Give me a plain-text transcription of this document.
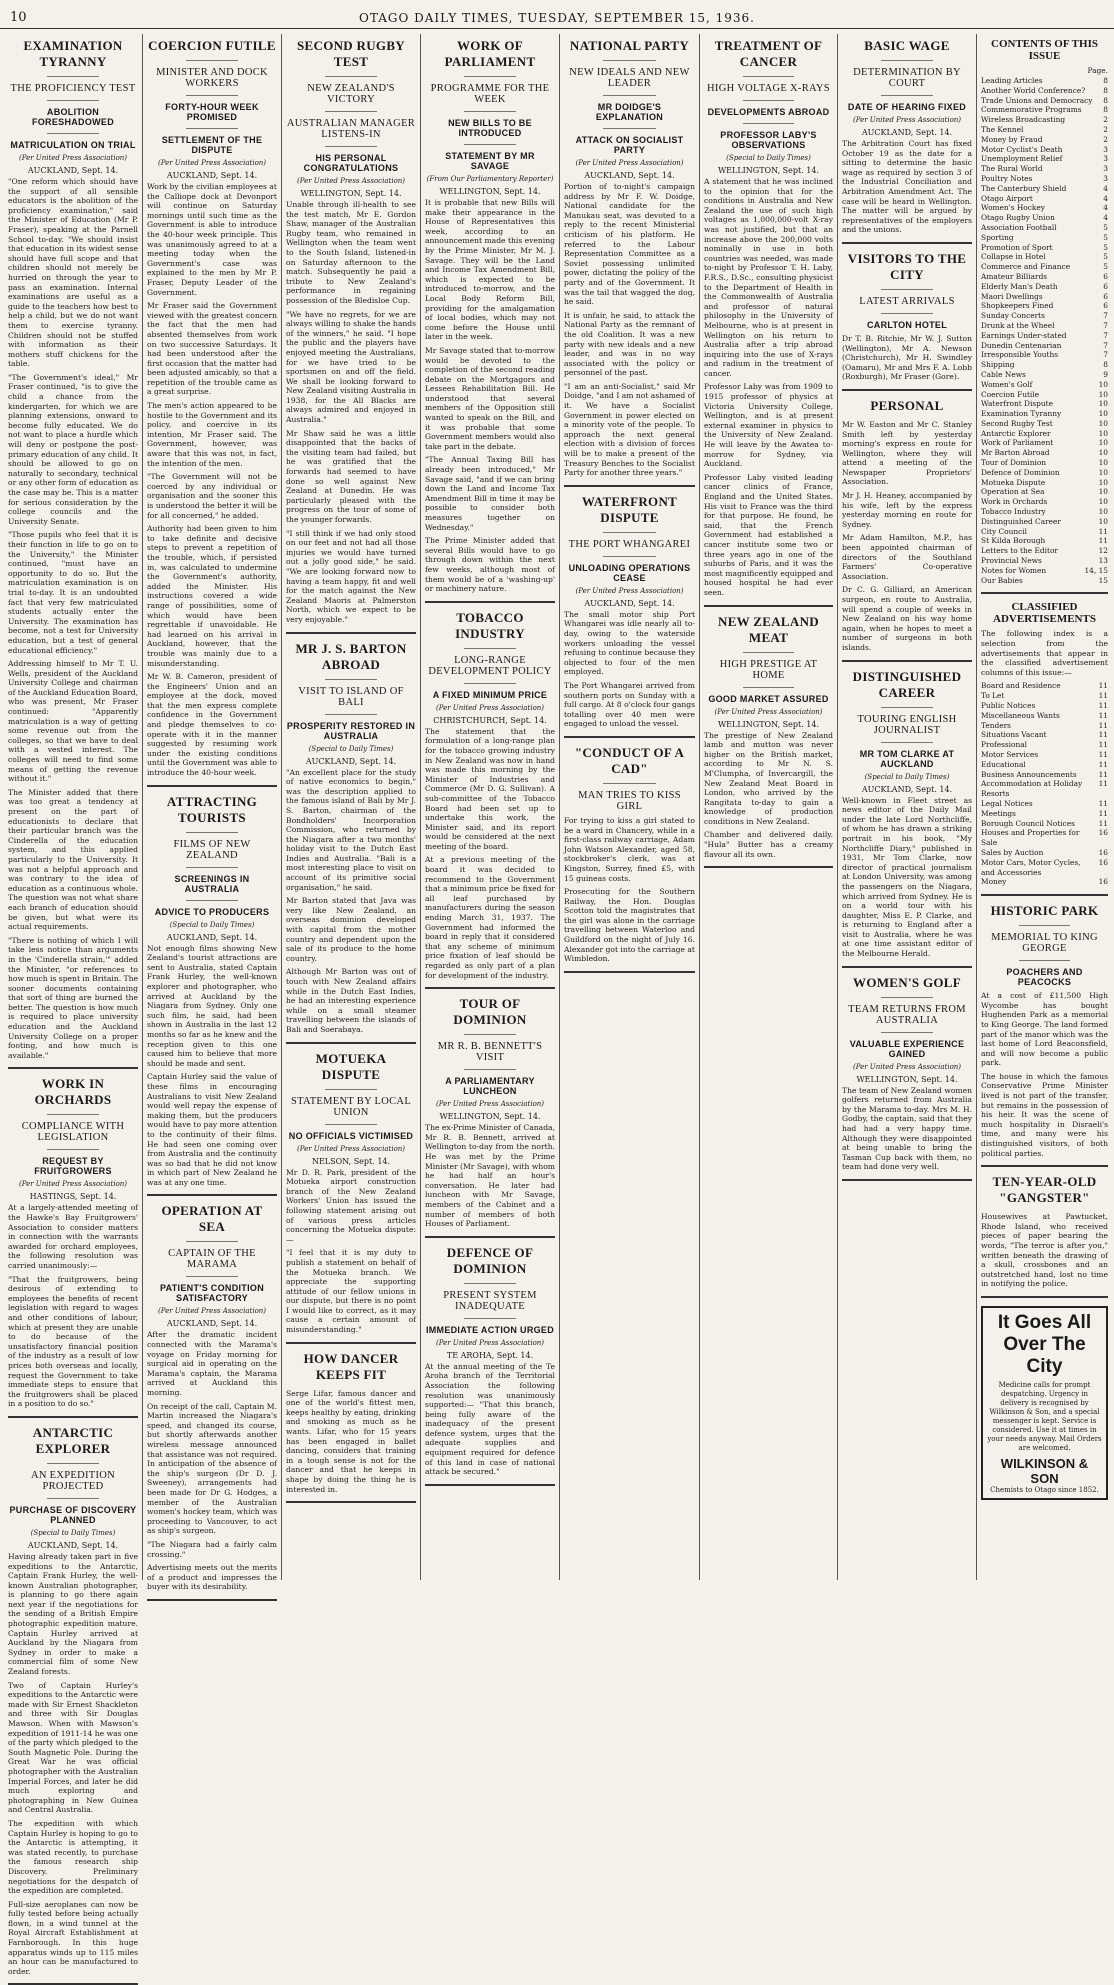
10	OTAGO DAILY TIMES, TUESDAY, SEPTEMBER 15, 1936.
EXAMINATION TYRANNY
THE PROFICIENCY TEST
ABOLITION FORESHADOWED
MATRICULATION ON TRIAL
(Per United Press Association)
AUCKLAND, Sept. 14.

"One reform which should have the support of all sensible educators is the abolition of the proficiency examination," said the Minister of Education (Mr P. Fraser), speaking at the Parnell School to-day. "We should insist that education in its widest sense should have full scope and that children should not merely be hurried on through the year to pass an examination. Internal examinations are useful as a guide to the teachers how best to help a child, but we do not want them to exercise tyranny. Children should not be stuffed with information as their mothers stuff chickens for the table.

"The Government's ideal," Mr Fraser continued, "is to give the child a chance from the kindergarten, for which we are planning extensions, onward to become fully educated. We do not want to place a hurdle which will deny or postpone the post-primary education of any child. It should be allowed to go on naturally to secondary, technical or any other form of education as the case may be. This is a matter for serious consideration by the college councils and the University Senate.

"Those pupils who feel that it is their function in life to go on to the University," the Minister continued, "must have an opportunity to do so. But the matriculation examination is on trial to-day. It is an undoubted fact that very few matriculated students actually enter the University. The examination has become, not a test for University education, but a test of general educational efficiency."

Addressing himself to Mr T. U. Wells, president of the Auckland University College and chairman of the Auckland Education Board, who was present, Mr Fraser continued: "Apparently matriculation is a way of getting some revenue out from the colleges, so that we have to deal with a vested interest. The colleges will need to find some means of getting the revenue without it."

The Minister added that there was too great a tendency at present on the part of educationists to declare that their particular branch was the Cinderella of the education system, and this applied particularly to the University. It was not a helpful approach and was contrary to the idea of education as a continuous whole. The question was not what share each branch of education should be given, but what were its actual requirements.

"There is nothing of which I will take less notice than arguments in the 'Cinderella strain,'" added the Minister, "or references to how much is spent in Britain. The sooner documents containing that sort of thing are burned the better. The question is how much is required to place university education and the Auckland University College on a proper footing, and how much is available."

WORK IN ORCHARDS
COMPLIANCE WITH LEGISLATION
REQUEST BY FRUITGROWERS
(Per United Press Association)
HASTINGS, Sept. 14.

At a largely-attended meeting of the Hawke's Bay Fruitgrowers' Association to consider matters in connection with the warrants awarded for orchard employees, the following resolution was carried unanimously:—

"That the fruitgrowers, being desirous of extending to employees the benefits of recent legislation with regard to wages and other conditions of labour, which at present they are unable to do because of the unsatisfactory financial position of the industry as a result of low prices both overseas and locally, request the Government to take immediate steps to ensure that the fruitgrowers shall be placed in a position to do so."

ANTARCTIC EXPLORER
AN EXPEDITION PROJECTED
PURCHASE OF DISCOVERY PLANNED
(Special to Daily Times)
AUCKLAND, Sept. 14.

Having already taken part in five expeditions to the Antarctic, Captain Frank Hurley, the well-known Australian photographer, is planning to go there again next year if the negotiations for the sending of a British Empire photographic expedition mature. Captain Hurley arrived at Auckland by the Niagara from Sydney in order to make a commercial film of some New Zealand forests.

Two of Captain Hurley's expeditions to the Antarctic were made with Sir Ernest Shackleton and three with Sir Douglas Mawson. When with Mawson's expedition of 1911-14 he was one of the party which pledged to the South Magnetic Pole. During the Great War he was official photographer with the Australian Imperial Forces, and later he did much exploring and photographing in New Guinea and Central Australia.

The expedition with which Captain Hurley is hoping to go to the Antarctic is attempting, it was stated recently, to purchase the famous research ship Discovery. Preliminary negotiations for the despatch of the expedition are completed.

Full-size aeroplanes can now be fully tested before being actually flown, in a wind tunnel at the Royal Aircraft Establishment at Farnborough. In this huge apparatus winds up to 115 miles an hour can be manufactured to order.

COERCION FUTILE
MINISTER AND DOCK WORKERS
FORTY-HOUR WEEK PROMISED
SETTLEMENT OF THE DISPUTE
(Per United Press Association)
AUCKLAND, Sept. 14.

Work by the civilian employees at the Calliope dock at Devonport will continue on Saturday mornings until such time as the Government is able to introduce the 40-hour week principle. This was unanimously agreed to at a meeting today when the Government's case was explained to the men by Mr P. Fraser, Deputy Leader of the Government.

Mr Fraser said the Government viewed with the greatest concern the fact that the men had absented themselves from work on two successive Saturdays. It had been understood after the first occasion that the matter had been adjusted amicably, so that a repetition of the trouble came as a great surprise.

The men's action appeared to be hostile to the Government and its policy, and coercive in its intention, Mr Fraser said. The Government, however, was aware that this was not, in fact, the intention of the men.

"The Government will not be coerced by any individual or organisation and the sooner this is understood the better it will be for all concerned," he added.

Authority had been given to him to take definite and decisive steps to prevent a repetition of the trouble, which, if persisted in, was calculated to undermine the Government's authority, added the Minister. His instructions covered a wide range of possibilities, some of which would have been regrettable if unavoidable. He had learned on his arrival in Auckland, however, that the trouble was mainly due to a misunderstanding.

Mr W. B. Cameron, president of the Engineers' Union and an employee at the dock, moved that the men express complete confidence in the Government and pledge themselves to co-operate with it in the manner suggested by resuming work under the existing conditions until the Government was able to introduce the 40-hour week.

ATTRACTING TOURISTS
FILMS OF NEW ZEALAND
SCREENINGS IN AUSTRALIA
ADVICE TO PRODUCERS
(Special to Daily Times)
AUCKLAND, Sept. 14.

Not enough films showing New Zealand's tourist attractions are sent to Australia, stated Captain Frank Hurley, the well-known explorer and photographer, who arrived at Auckland by the Niagara from Sydney. Only one such film, he said, had been shown in Australia in the last 12 months so far as he knew and the reception given to this one caused him to believe that more should be made and sent.

Captain Hurley said the value of these films in encouraging Australians to visit New Zealand would well repay the expense of making them, but the producers would have to pay more attention to the continuity of their films. He had seen one coming over from Australia and the continuity was so bad that he did not know in which part of New Zealand he was at any one time.

OPERATION AT SEA
CAPTAIN OF THE MARAMA
PATIENT'S CONDITION SATISFACTORY
(Per United Press Association)
AUCKLAND, Sept. 14.

After the dramatic incident connected with the Marama's voyage on Friday morning for surgical aid in operating on the Marama's captain, the Marama arrived at Auckland this morning.

On receipt of the call, Captain M. Martin increased the Niagara's speed, and changed its course, but shortly afterwards another wireless message announced that assistance was not required. In anticipation of the absence of the ship's surgeon (Dr D. J. Sweeney), arrangements had been made for Dr G. Hodges, a member of the Australian women's hockey team, which was proceeding to Vancouver, to act as ship's surgeon.

"The Niagara had a fairly calm crossing."

Advertising meets out the merits of a product and impresses the buyer with its desirability.

SECOND RUGBY TEST
NEW ZEALAND'S VICTORY
AUSTRALIAN MANAGER LISTENS-IN
HIS PERSONAL CONGRATULATIONS
(Per United Press Association)
WELLINGTON, Sept. 14.

Unable through ill-health to see the test match, Mr E. Gordon Shaw, manager of the Australian Rugby team, who remained in Wellington when the team went to the South Island, listened-in on Saturday afternoon to the match. Subsequently he paid a tribute to New Zealand's performance in regaining possession of the Bledisloe Cup.

"We have no regrets, for we are always willing to shake the hands of the winners," he said. "I hope the public and the players have enjoyed meeting the Australians, for we have tried to be sportsmen on and off the field. We shall be looking forward to New Zealand visiting Australia in 1938, for the All Blacks are always admired and enjoyed in Australia."

Mr Shaw said he was a little disappointed that the backs of the visiting team had failed, but he was gratified that the forwards had seemed to have done so well against New Zealand at Dunedin. He was particularly pleased with the progress on the tour of some of the younger forwards.

"I still think if we had only stood on our feet and not had all those injuries we would have turned out a jolly good side," he said. "We are looking forward now to having a team happy, fit and well for the match against the New Zealand Maoris at Palmerston North, which we expect to be very enjoyable."

MR J. S. BARTON ABROAD
VISIT TO ISLAND OF BALI
PROSPERITY RESTORED IN AUSTRALIA
(Special to Daily Times)
AUCKLAND, Sept. 14.

"An excellent place for the study of native economics to begin," was the description applied to the famous island of Bali by Mr J. S. Barton, chairman of the Bondholders' Incorporation Commission, who returned by the Niagara after a two months' holiday visit to the Dutch East Indies and Australia. "Bali is a most interesting place to visit on account of its primitive social organisation," he said.

Mr Barton stated that Java was very like New Zealand, an overseas dominion developed with capital from the mother country and dependent upon the sale of its produce to the home country.

Although Mr Barton was out of touch with New Zealand affairs while in the Dutch East Indies, he had an interesting experience while on a small steamer travelling between the islands of Bali and Soerabaya.

MOTUEKA DISPUTE
STATEMENT BY LOCAL UNION
NO OFFICIALS VICTIMISED
(Per United Press Association)
NELSON, Sept. 14.

Mr D. R. Park, president of the Motueka airport construction branch of the New Zealand Workers' Union has issued the following statement arising out of various press articles concerning the Motueka dispute:—

"I feel that it is my duty to publish a statement on behalf of the Motueka branch. We appreciate the supporting attitude of our fellow unions in our dispute, but there is no point I would like to correct, as it may cause a certain amount of misunderstanding."

HOW DANCER KEEPS FIT

Serge Lifar, famous dancer and one of the world's fittest men, keeps healthy by eating, drinking and smoking as much as he wants. Lifar, who for 15 years has been engaged in ballet dancing, considers that training in a tough sense is not for the dancer and that he keeps in shape by doing the thing he is interested in.

WORK OF PARLIAMENT
PROGRAMME FOR THE WEEK
NEW BILLS TO BE INTRODUCED
STATEMENT BY MR SAVAGE
(From Our Parliamentary Reporter)
WELLINGTON, Sept. 14.

It is probable that new Bills will make their appearance in the House of Representatives this week, according to an announcement made this evening by the Prime Minister, Mr M. J. Savage. They will be the Land and Income Tax Amendment Bill, which is expected to be introduced to-morrow, and the Local Body Reform Bill, providing for the amalgamation of local bodies, which may not come before the House until later in the week.

Mr Savage stated that to-morrow would be devoted to the completion of the second reading debate on the Mortgagors and Lessees Rehabilitation Bill. He understood that several members of the Opposition still wanted to speak on the Bill, and it was probable that some Government members would also take part in the debate.

"The Annual Taxing Bill has already been introduced," Mr Savage said, "and if we can bring down the Land and Income Tax Amendment Bill in time it may be possible to consider both measures together on Wednesday."

The Prime Minister added that several Bills would have to go through down within the next few weeks, although most of them would be of a 'washing-up' or machinery nature.

TOBACCO INDUSTRY
LONG-RANGE DEVELOPMENT POLICY
A FIXED MINIMUM PRICE
(Per United Press Association)
CHRISTCHURCH, Sept. 14.

The statement that the formulation of a long-range plan for the tobacco growing industry in New Zealand was now in hand was made this morning by the Minister of Industries and Commerce (Mr D. G. Sullivan). A sub-committee of the Tobacco Board had been set up to undertake this work, the Minister said, and its report would be considered at the next meeting of the board.

At a previous meeting of the board it was decided to recommend to the Government that a minimum price be fixed for all leaf purchased by manufacturers during the season ending March 31, 1937. The Government had informed the board in reply that it considered that any scheme of minimum price fixation of leaf should be regarded as only part of a plan for development of the industry.

TOUR OF DOMINION
MR R. B. BENNETT'S VISIT
A PARLIAMENTARY LUNCHEON
(Per United Press Association)
WELLINGTON, Sept. 14.

The ex-Prime Minister of Canada, Mr R. B. Bennett, arrived at Wellington to-day from the north. He was met by the Prime Minister (Mr Savage), with whom he had half an hour's conversation. He later had luncheon with Mr Savage, members of the Cabinet and a number of members of both Houses of Parliament.

DEFENCE OF DOMINION
PRESENT SYSTEM INADEQUATE
IMMEDIATE ACTION URGED
(Per United Press Association)
TE AROHA, Sept. 14.

At the annual meeting of the Te Aroha branch of the Territorial Association the following resolution was unanimously supported:— "That this branch, being fully aware of the inadequacy of the present defence system, urges that the adequate supplies and equipment required for defence of this land in case of national attack be secured."

NATIONAL PARTY
NEW IDEALS AND NEW LEADER
MR DOIDGE'S EXPLANATION
ATTACK ON SOCIALIST PARTY
(Per United Press Association)
AUCKLAND, Sept. 14.

Portion of to-night's campaign address by Mr F. W. Doidge, National candidate for the Manukau seat, was devoted to a reply to the recent Ministerial criticism of his platform. He referred to the Labour Representation Committee as a Soviet possessing unlimited power, dictating the policy of the party and of the Government. It was the tail that wagged the dog, he said.

It is unfair, he said, to attack the National Party as the remnant of the old Coalition. It was a new party with new ideals and a new leader, and was in no way associated with the policy or personnel of the past.

"I am an anti-Socialist," said Mr Doidge, "and I am not ashamed of it. We have a Socialist Government in power elected on a minority vote of the people. To approach the next general election with a division of forces will be to make a present of the Treasury Benches to the Socialist Party for another three years."

WATERFRONT DISPUTE
THE PORT WHANGAREI
UNLOADING OPERATIONS CEASE
(Per United Press Association)
AUCKLAND, Sept. 14.

The small motor ship Port Whangarei was idle nearly all to-day, owing to the waterside workers unloading the vessel refusing to continue because they objected to four of the men employed.

The Port Whangarei arrived from southern ports on Sunday with a full cargo. At 8 o'clock four gangs totalling over 40 men were engaged to unload the vessel.

"CONDUCT OF A CAD"
MAN TRIES TO KISS GIRL

For trying to kiss a girl stated to be a ward in Chancery, while in a first-class railway carriage, Adam John Watson Alexander, aged 58, stockbroker's clerk, was at Kingston, Surrey, fined £5, with 15 guineas costs.

Prosecuting for the Southern Railway, the Hon. Douglas Scotton told the magistrates that the girl was alone in the carriage travelling between Waterloo and Guildford on the night of July 16. Alexander got into the carriage at Wimbledon.

TREATMENT OF CANCER
HIGH VOLTAGE X-RAYS
DEVELOPMENTS ABROAD
PROFESSOR LABY'S OBSERVATIONS
(Special to Daily Times)
WELLINGTON, Sept. 14.

A statement that he was inclined to the opinion that for the conditions in Australia and New Zealand the use of such high voltages as 1,000,000-volt X-ray was not justified, but that an increase above the 200,000 volts nominally in use in both countries was needed, was made to-night by Professor T. H. Laby, F.R.S., D.Sc., consulting physicist to the Department of Health in the Commonwealth of Australia and professor of natural philosophy in the University of Melbourne, who is at present in Wellington on his return to Australia after a trip abroad inquiring into the use of X-rays and radium in the treatment of cancer.

Professor Laby was from 1909 to 1915 professor of physics at Victoria University College, Wellington, and is at present external examiner in physics to the University of New Zealand. He will leave by the Awatea to-morrow for Sydney, via Auckland.

Professor Laby visited leading cancer clinics of France, England and the United States. His visit to France was the third for that purpose. He found, he said, that the French Government had established a cancer institute some two or three years ago in one of the suburbs of Paris, and it was the most magnificently equipped and housed hospital he had ever seen.

NEW ZEALAND MEAT
HIGH PRESTIGE AT HOME
GOOD MARKET ASSURED
(Per United Press Association)
WELLINGTON, Sept. 14.

The prestige of New Zealand lamb and mutton was never higher on the British market, according to Mr N. S. M'Clumpha, of Invercargill, the New Zealand Meat Board in London, who arrived by the Rangitata to-day to gain a knowledge of production conditions in New Zealand.

Chamber and delivered daily. "Hula" Butter has a creamy flavour all its own.

BASIC WAGE
DETERMINATION BY COURT
DATE OF HEARING FIXED
(Per United Press Association)
AUCKLAND, Sept. 14.

The Arbitration Court has fixed October 19 as the date for a sitting to determine the basic wage as required by section 3 of the Industrial Conciliation and Arbitration Amendment Act. The case will be heard in Wellington. The matter will be argued by representatives of the employers and the unions.

VISITORS TO THE CITY
LATEST ARRIVALS
CARLTON HOTEL

Dr T. B. Ritchie, Mr W. J. Sutton (Wellington), Mr A. Newson (Christchurch), Mr H. Swindley (Oamaru), Mr and Mrs F. A. Lobb (Roxburgh), Mr Fraser (Gore).

PERSONAL

Mr W. Easton and Mr C. Stanley Smith left by yesterday morning's express en route for Wellington, where they will attend a meeting of the Newspaper Proprietors' Association.

Mr J. H. Heaney, accompanied by his wife, left by the express yesterday morning en route for Sydney.

Mr Adam Hamilton, M.P., has been appointed chairman of directors of the Southland Farmers' Co-operative Association.

Dr C. G. Gilliard, an American surgeon, en route to Australia, will spend a couple of weeks in New Zealand on his way home again, when he hopes to meet a number of surgeons in both islands.

DISTINGUISHED CAREER
TOURING ENGLISH JOURNALIST
MR TOM CLARKE AT AUCKLAND
(Special to Daily Times)
AUCKLAND, Sept. 14.

Well-known in Fleet street as news editor of the Daily Mail under the late Lord Northcliffe, of whom he has drawn a striking portrait in his book, "My Northcliffe Diary," published in 1931, Mr Tom Clarke, now director of practical journalism at London University, was among the passengers on the Niagara, which arrived from Sydney. He is on a world tour with his daughter, Miss E. P. Clarke, and is returning to England after a visit to Australia, where he was at one time assistant editor of the Melbourne Herald.

WOMEN'S GOLF
TEAM RETURNS FROM AUSTRALIA
VALUABLE EXPERIENCE GAINED
(Per United Press Association)
WELLINGTON, Sept. 14.

The team of New Zealand women golfers returned from Australia by the Marama to-day. Mrs M. H. Godby, the captain, said that they had had a very happy time. Although they were disappointed at being unable to bring the Tasman Cup back with them, no team had done very well.

CONTENTS OF THIS ISSUE
Page.
Leading Articles	8
Another World Conference?	8
Trade Unions and Democracy	8
Commemorative Programs	8
Wireless Broadcasting	2
The Kennel	2
Money by Fraud	2
Motor Cyclist's Death	3
Unemployment Relief	3
The Rural World	3
Poultry Notes	3
The Canterbury Shield	4
Otago Airport	4
Women's Hockey	4
Otago Rugby Union	4
Association Football	5
Sporting	5
Promotion of Sport	5
Collapse in Hotel	5
Commerce and Finance	5
Amateur Billiards	6
Elderly Man's Death	6
Maori Dwellings	6
Shopkeepers Fined	6
Sunday Concerts	7
Drunk at the Wheel	7
Earnings Under-stated	7
Dunedin Centenarian	7
Irresponsible Youths	7
Shipping	8
Cable News	9
Women's Golf	10
Coercion Futile	10
Waterfront Dispute	10
Examination Tyranny	10
Second Rugby Test	10
Antarctic Explorer	10
Work of Parliament	10
Mr Barton Abroad	10
Tour of Dominion	10
Defence of Dominion	10
Motueka Dispute	10
Operation at Sea	10
Work in Orchards	10
Tobacco Industry	10
Distinguished Career	10
City Council	11
St Kilda Borough	11
Letters to the Editor	12
Provincial News	13
Notes for Women	14, 15
Our Babies	15
CLASSIFIED ADVERTISEMENTS

The following index is a selection from the advertisements that appear in the classified advertisement columns of this issue:—

Board and Residence	11
To Let	11
Public Notices	11
Miscellaneous Wants	11
Tenders	11
Situations Vacant	11
Professional	11
Motor Services	11
Educational	11
Business Announcements	11
Accommodation at Holiday Resorts
11
Legal Notices	11
Meetings	11
Borough Council Notices	11
Houses and Properties for Sale
16
Sales by Auction	16
Motor Cars, Motor Cycles, and Accessories
16
Money	16
HISTORIC PARK
MEMORIAL TO KING GEORGE
POACHERS AND PEACOCKS

At a cost of £11,500 High Wycombe has bought Hughenden Park as a memorial to King George. The land formed part of the manor which was the last home of Lord Beaconsfield, and will now become a public park.

The house in which the famous Conservative Prime Minister lived is not part of the transfer, but remains in the possession of his heir. It was the scene of much hospitality in Disraeli's time, and many were his distinguished visitors, of both political parties.

TEN-YEAR-OLD "GANGSTER"

Housewives at Pawtucket, Rhode Island, who received pieces of paper bearing the words, "The terror is after you," written beneath the drawing of a skull, crossbones and an outstretched hand, lost no time in notifying the police.

It Goes All Over The City
Medicine calls for prompt despatching. Urgency in delivery is recognised by Wilkinson & Son, and a special messenger is kept. Service is considered. Use it at times in your needs anyway. Mail Orders are welcomed.
WILKINSON & SON
Chemists to Otago since 1852.
